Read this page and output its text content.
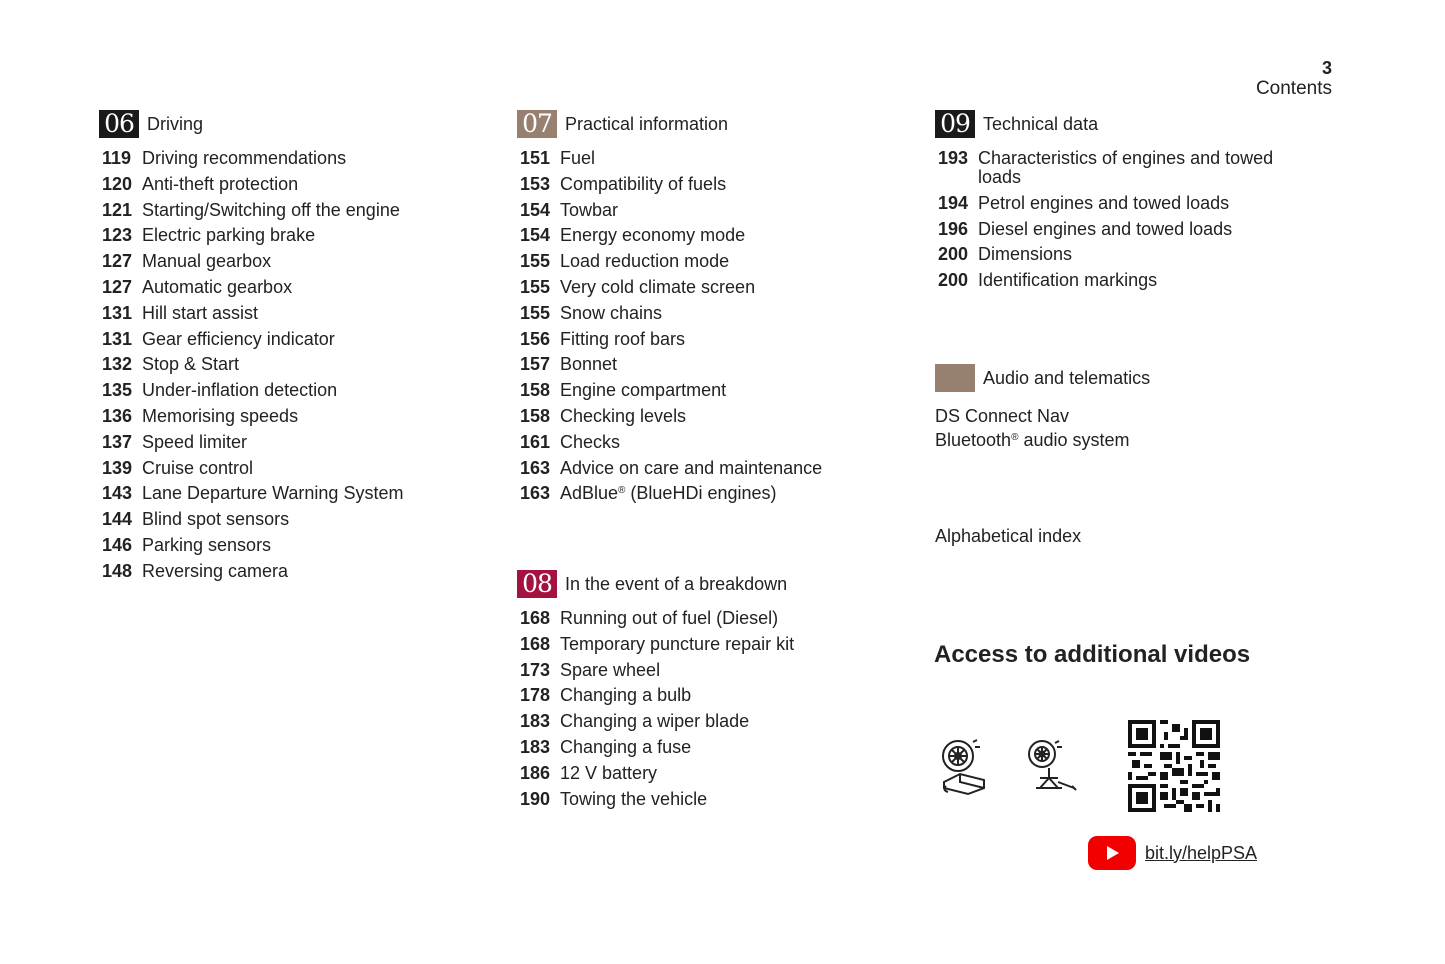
3
Contents
06 Driving
119 Driving recommendations
120 Anti-theft protection
121 Starting/Switching off the engine
123 Electric parking brake
127 Manual gearbox
127 Automatic gearbox
131 Hill start assist
131 Gear efficiency indicator
132 Stop & Start
135 Under-inflation detection
136 Memorising speeds
137 Speed limiter
139 Cruise control
143 Lane Departure Warning System
144 Blind spot sensors
146 Parking sensors
148 Reversing camera
07 Practical information
151 Fuel
153 Compatibility of fuels
154 Towbar
154 Energy economy mode
155 Load reduction mode
155 Very cold climate screen
155 Snow chains
156 Fitting roof bars
157 Bonnet
158 Engine compartment
158 Checking levels
161 Checks
163 Advice on care and maintenance
163 AdBlue® (BlueHDi engines)
08 In the event of a breakdown
168 Running out of fuel (Diesel)
168 Temporary puncture repair kit
173 Spare wheel
178 Changing a bulb
183 Changing a wiper blade
183 Changing a fuse
186 12 V battery
190 Towing the vehicle
09 Technical data
193 Characteristics of engines and towed loads
194 Petrol engines and towed loads
196 Diesel engines and towed loads
200 Dimensions
200 Identification markings
Audio and telematics
DS Connect Nav
Bluetooth® audio system
Alphabetical index
Access to additional videos
bit.ly/helpPSA
